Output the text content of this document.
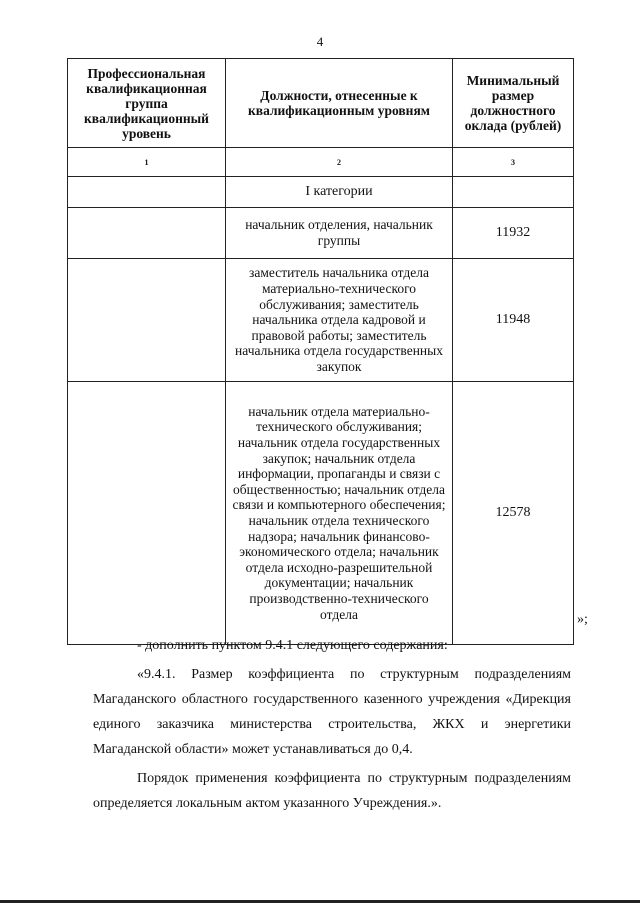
4
Профессиональная квалификационная группа квалификационный уровень	Должности, отнесенные к квалификационным уровням	Минимальный размер должностного оклада (рублей)
1	2	3
	I категории	
	начальник отделения, начальник группы	11932
	заместитель начальника отдела материально-технического обслуживания; заместитель начальника отдела кадровой и правовой работы; заместитель начальника отдела государственных закупок	11948
	начальник отдела материально-технического обслуживания; начальник отдела государственных закупок; начальник отдела информации, пропаганды и связи с общественностью; начальник отдела связи и компьютерного обеспечения; начальник отдела технического надзора; начальник финансово-экономического отдела; начальник отдела исходно-разрешительной документации; начальник производственно-технического отдела	12578
»;

- дополнить пунктом 9.4.1 следующего содержания:

«9.4.1. Размер коэффициента по структурным подразделениям Магаданского областного государственного казенного учреждения «Дирекция единого заказчика министерства строительства, ЖКХ и энергетики Магаданской области» может устанавливаться до 0,4.

Порядок применения коэффициента по структурным подразделениям определяется локальным актом указанного Учреждения.».
